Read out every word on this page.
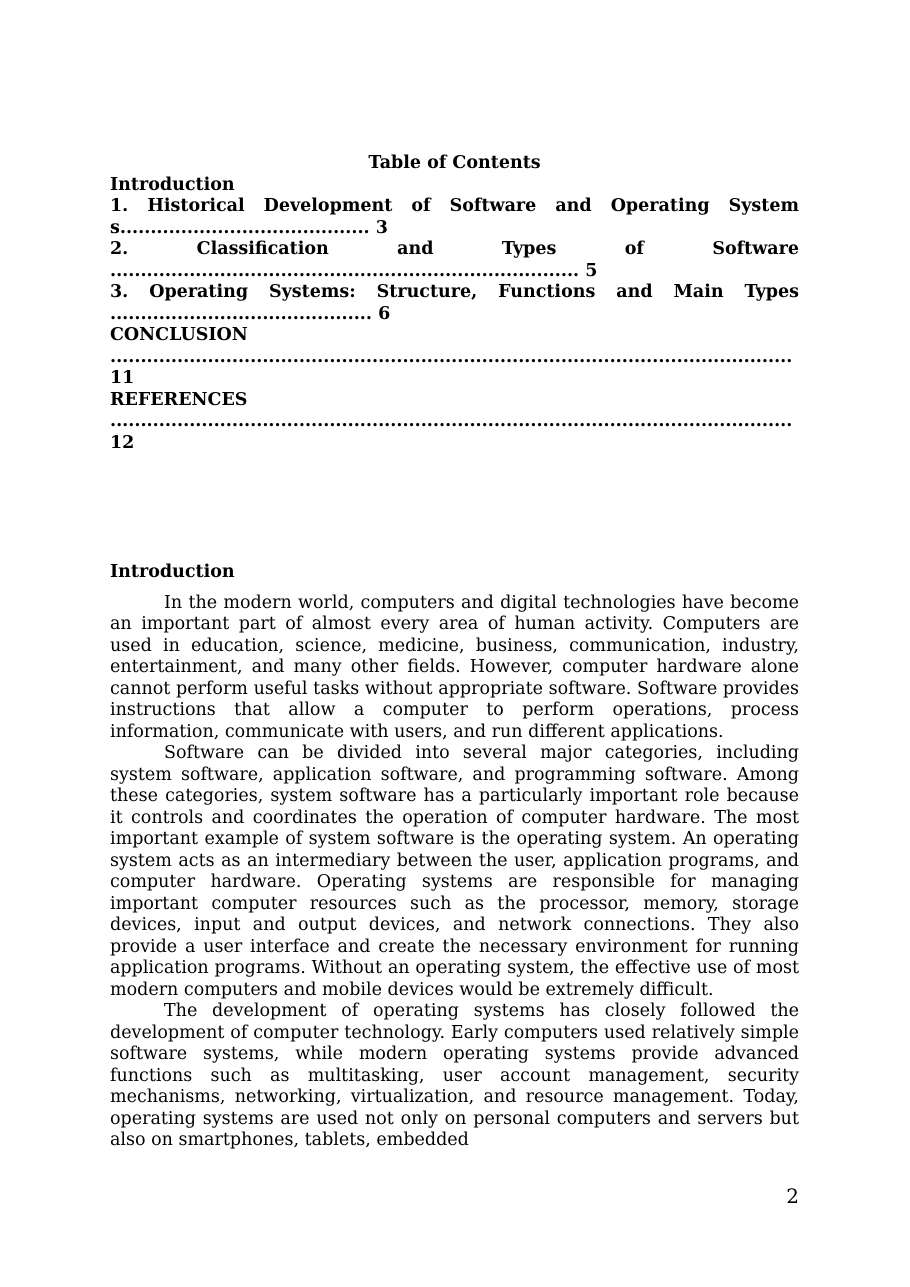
Table of Contents
Introduction
1. Historical Development of Software and Operating Systems......................................... 3
2. Classification and Types of Software ............................................................................. 5
3. Operating Systems: Structure, Functions and Main Types ........................................... 6
CONCLUSION ................................................................................................................11
REFERENCES ................................................................................................................12
Introduction

In the modern world, computers and digital technologies have become an important part of almost every area of human activity. Computers are used in education, science, medicine, business, communication, industry, entertainment, and many other fields. However, computer hardware alone cannot perform useful tasks without appropriate software. Software provides instructions that allow a computer to perform operations, process information, communicate with users, and run different applications.

Software can be divided into several major categories, including system software, application software, and programming software. Among these categories, system software has a particularly important role because it controls and coordinates the operation of computer hardware. The most important example of system software is the operating system. An operating system acts as an intermediary between the user, application programs, and computer hardware. Operating systems are responsible for managing important computer resources such as the processor, memory, storage devices, input and output devices, and network connections. They also provide a user interface and create the necessary environment for running application programs. Without an operating system, the effective use of most modern computers and mobile devices would be extremely difficult.

The development of operating systems has closely followed the development of computer technology. Early computers used relatively simple software systems, while modern operating systems provide advanced functions such as multitasking, user account management, security mechanisms, networking, virtualization, and resource management. Today, operating systems are used not only on personal computers and servers but also on smartphones, tablets, embedded

2
